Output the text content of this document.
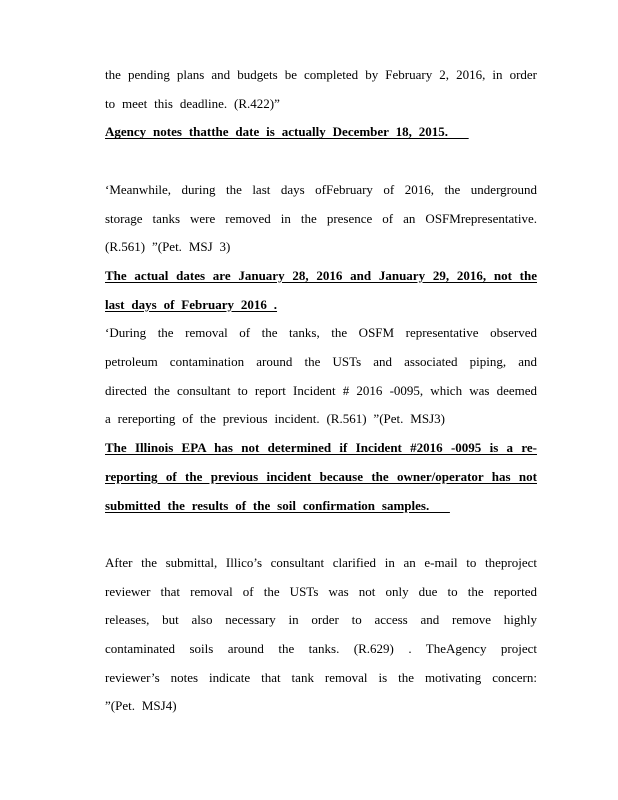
the pending plans and budgets be completed by February 2, 2016, in order to meet this deadline. (R.422)”

Agency notes thatthe date is actually December 18, 2015.

‘Meanwhile, during the last days ofFebruary of 2016, the underground storage tanks were removed in the presence of an OSFMrepresentative. (R.561) ”(Pet. MSJ 3)

The actual dates are January 28, 2016 and January 29, 2016, not the last days of February 2016 .

‘During the removal of the tanks, the OSFM representative observed petroleum contamination around the USTs and associated piping, and directed the consultant to report Incident # 2016 -0095, which was deemed a rereporting of the previous incident. (R.561) ”(Pet. MSJ3)

The Illinois EPA has not determined if Incident #2016 -0095 is a re-reporting of the previous incident because the owner/operator has not submitted the results of the soil confirmation samples.

After the submittal, Illico’s consultant clarified in an e-mail to theproject reviewer that removal of the USTs was not only due to the reported releases, but also necessary in order to access and remove highly contaminated soils around the tanks. (R.629) . TheAgency project reviewer’s notes indicate that tank removal is the motivating concern: ”(Pet. MSJ4)
